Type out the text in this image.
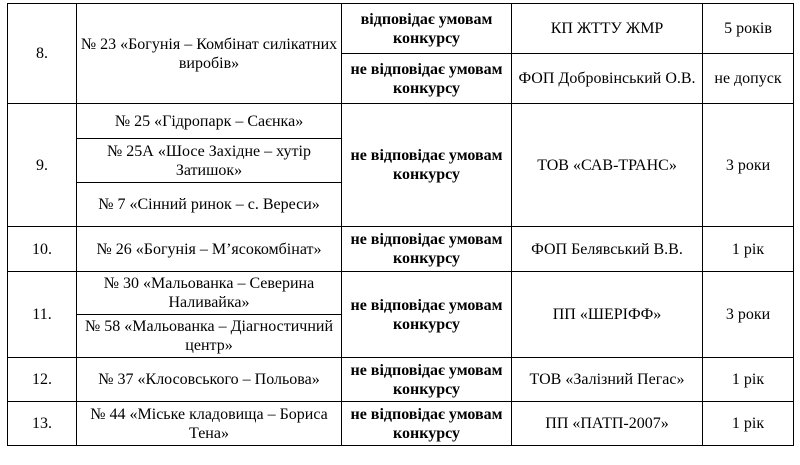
8.	№ 23 «Богунія – Комбінат силікатних виробів»	відповідає умовам конкурсу	КП ЖТТУ ЖМР	5 років
		не відповідає умовам конкурсу	ФОП Добровінський О.В.	не допуск
9.	№ 25 «Гідропарк – Саєнка»	не відповідає умовам конкурсу	ТОВ «САВ-ТРАНС»	3 роки
	№ 25А «Шосе Західне – хутір Затишок»			
	№ 7 «Сінний ринок – с. Вереси»			
10.	№ 26 «Богунія – М’ясокомбінат»	не відповідає умовам конкурсу	ФОП Белявський В.В.	1 рік
11.	№ 30 «Мальованка – Северина Наливайка»	не відповідає умовам конкурсу	ПП «ШЕРІФФ»	3 роки
	№ 58 «Мальованка – Діагностичний центр»			
12.	№ 37 «Клосовського – Польова»	не відповідає умовам конкурсу	ТОВ «Залізний Пегас»	1 рік
13.	№ 44 «Міське кладовища – Бориса Тена»	не відповідає умовам конкурсу	ПП «ПАТП-2007»	1 рік
